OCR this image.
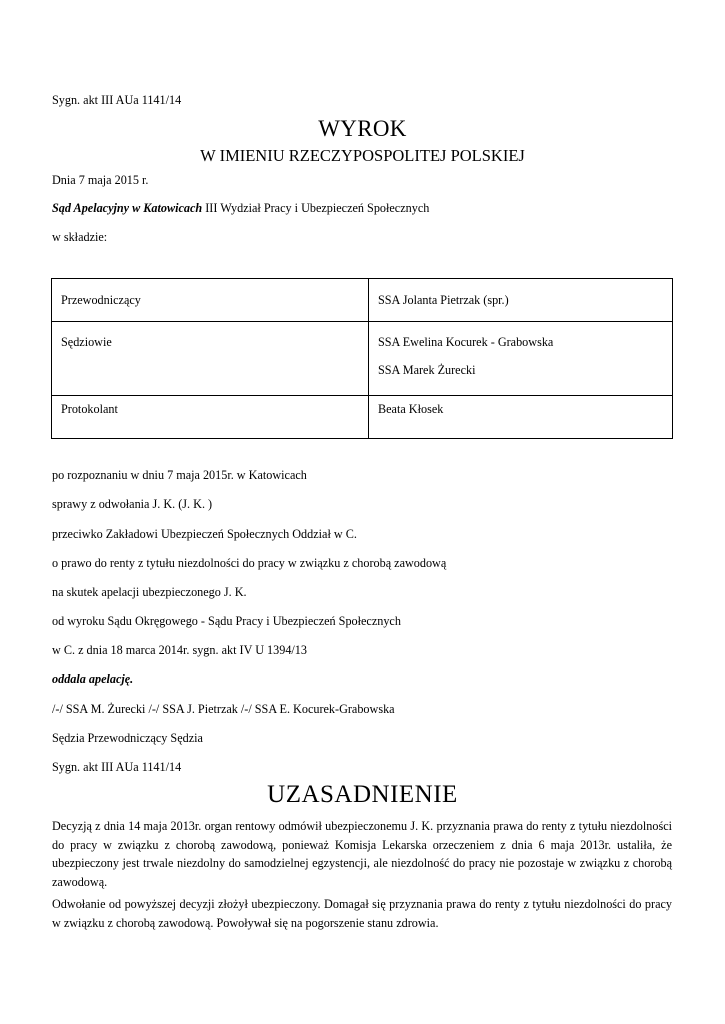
Sygn. akt III AUa 1141/14
WYROK
W IMIENIU RZECZYPOSPOLITEJ POLSKIEJ
Dnia 7 maja 2015 r.
Sąd Apelacyjny w Katowicach III Wydział Pracy i Ubezpieczeń Społecznych
w składzie:
Przewodniczący	SSA Jolanta Pietrzak (spr.)

Sędziowie	SSA Ewelina Kocurek - Grabowska
SSA Marek Żurecki

Protokolant	Beata Kłosek
po rozpoznaniu w dniu 7 maja 2015r. w Katowicach
sprawy z odwołania J. K. (J. K. )
przeciwko Zakładowi Ubezpieczeń Społecznych Oddział w C.
o prawo do renty z tytułu niezdolności do pracy w związku z chorobą zawodową
na skutek apelacji ubezpieczonego J. K.
od wyroku Sądu Okręgowego - Sądu Pracy i Ubezpieczeń Społecznych
w C. z dnia 18 marca 2014r. sygn. akt IV U 1394/13
oddala apelację.
/-/ SSA M. Żurecki /-/ SSA J. Pietrzak /-/ SSA E. Kocurek-Grabowska
Sędzia Przewodniczący Sędzia
Sygn. akt III AUa 1141/14
UZASADNIENIE

Decyzją z dnia 14 maja 2013r. organ rentowy odmówił ubezpieczonemu J. K. przyznania prawa do renty z tytułu niezdolności do pracy w związku z chorobą zawodową, ponieważ Komisja Lekarska orzeczeniem z dnia 6 maja 2013r. ustaliła, że ubezpieczony jest trwale niezdolny do samodzielnej egzystencji, ale niezdolność do pracy nie pozostaje w związku z chorobą zawodową.

Odwołanie od powyższej decyzji złożył ubezpieczony. Domagał się przyznania prawa do renty z tytułu niezdolności do pracy w związku z chorobą zawodową. Powoływał się na pogorszenie stanu zdrowia.
